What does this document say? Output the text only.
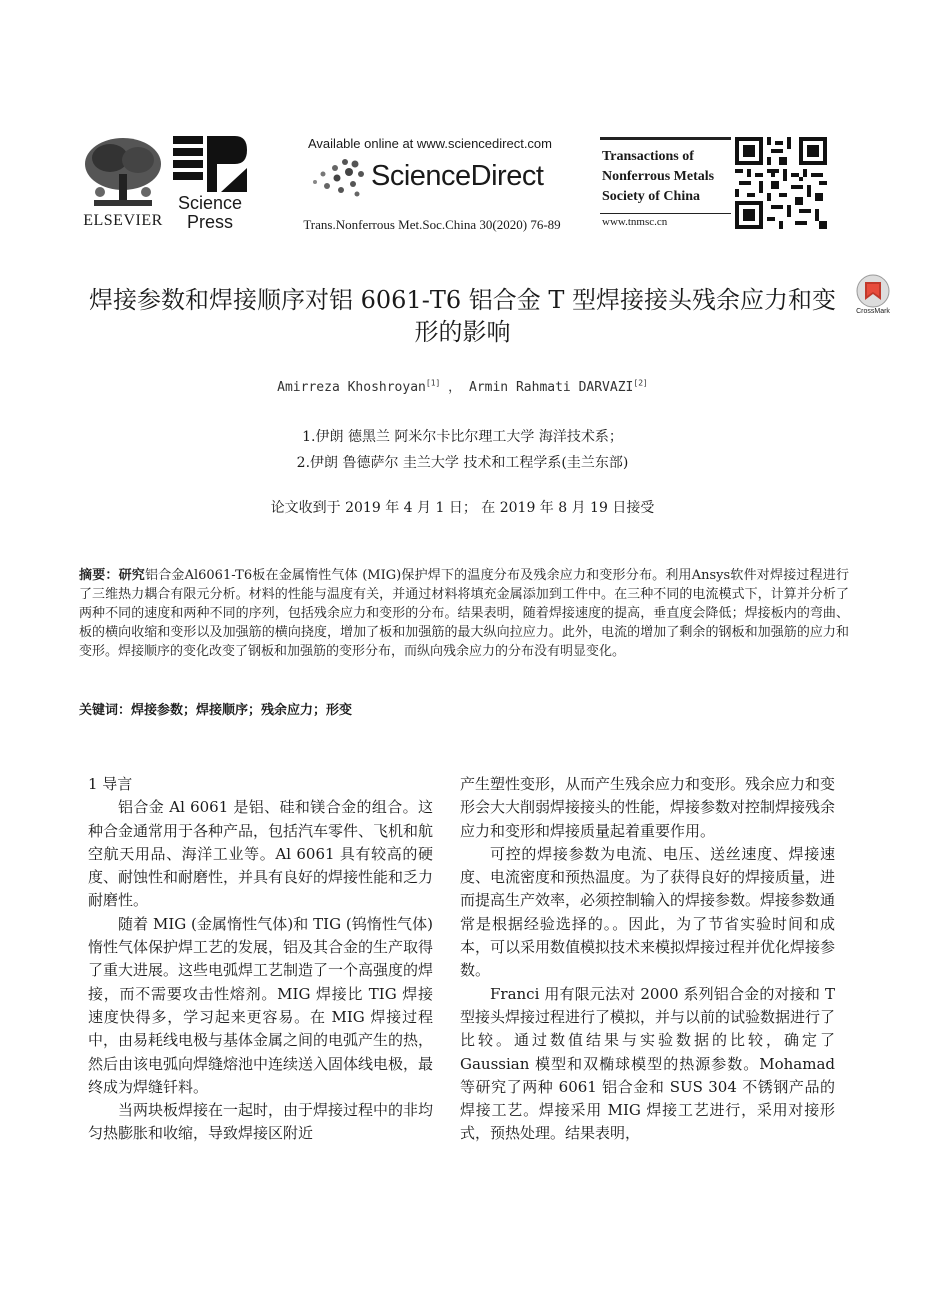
ELSEVIER
Science
Press
Available online at www.sciencedirect.com
ScienceDirect
Trans.Nonferrous Met.Soc.China 30(2020) 76-89
Transactions of
Nonferrous Metals
Society of China
www.tnmsc.cn
CrossMark
焊接参数和焊接顺序对铝 6061-T6 铝合金 T 型焊接接头残余应力和变
形的影响
Amirreza Khoshroyan[1] ， Armin Rahmati DARVAZI[2]
1.伊朗 德黑兰 阿米尔卡比尔理工大学 海洋技术系；
2.伊朗 鲁德萨尔 圭兰大学 技术和工程学系(圭兰东部)
论文收到于 2019 年 4 月 1 日； 在 2019 年 8 月 19 日接受
摘要：研究铝合金Al6061-T6板在金属惰性气体 (MIG)保护焊下的温度分布及残余应力和变形分布。利用Ansys软件对焊接过程进行了三维热力耦合有限元分析。材料的性能与温度有关，并通过材料将填充金属添加到工件中。在三种不同的电流模式下，计算并分析了两种不同的速度和两种不同的序列，包括残余应力和变形的分布。结果表明，随着焊接速度的提高，垂直度会降低；焊接板内的弯曲、板的横向收缩和变形以及加强筋的横向挠度，增加了板和加强筋的最大纵向拉应力。此外，电流的增加了剩余的钢板和加强筋的应力和变形。焊接顺序的变化改变了钢板和加强筋的变形分布，而纵向残余应力的分布没有明显变化。
关键词：焊接参数；焊接顺序；残余应力；形变

1 导言

铝合金 Al 6061 是铝、硅和镁合金的组合。这种合金通常用于各种产品，包括汽车零件、飞机和航空航天用品、海洋工业等。Al 6061 具有较高的硬度、耐蚀性和耐磨性，并具有良好的焊接性能和乏力耐磨性。

随着 MIG (金属惰性气体)和 TIG (钨惰性气体)惰性气体保护焊工艺的发展，铝及其合金的生产取得了重大进展。这些电弧焊工艺制造了一个高强度的焊接，而不需要攻击性熔剂。MIG 焊接比 TIG 焊接速度快得多，学习起来更容易。在 MIG 焊接过程中，由易耗线电极与基体金属之间的电弧产生的热，然后由该电弧向焊缝熔池中连续送入固体线电极，最终成为焊缝钎料。

当两块板焊接在一起时，由于焊接过程中的非均匀热膨胀和收缩，导致焊接区附近

产生塑性变形，从而产生残余应力和变形。残余应力和变形会大大削弱焊接接头的性能，焊接参数对控制焊接残余应力和变形和焊接质量起着重要作用。

可控的焊接参数为电流、电压、送丝速度、焊接速度、电流密度和预热温度。为了获得良好的焊接质量，进而提高生产效率，必须控制输入的焊接参数。焊接参数通常是根据经验选择的。。因此，为了节省实验时间和成本，可以采用数值模拟技术来模拟焊接过程并优化焊接参数。

Franci 用有限元法对 2000 系列铝合金的对接和 T 型接头焊接过程进行了模拟，并与以前的试验数据进行了比较。通过数值结果与实验数据的比较，确定了 Gaussian 模型和双椭球模型的热源参数。Mohamad 等研究了两种 6061 铝合金和 SUS 304 不锈钢产品的焊接工艺。焊接采用 MIG 焊接工艺进行，采用对接形式，预热处理。结果表明，
